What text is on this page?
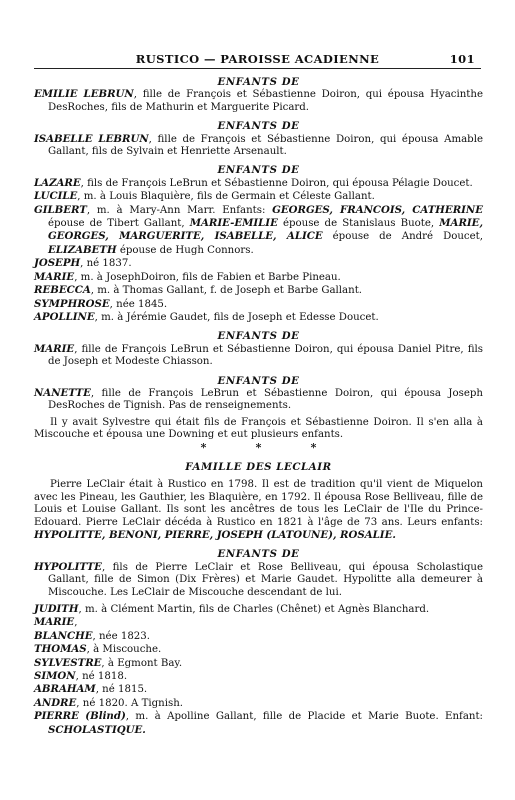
RUSTICO — PAROISSE ACADIENNE	101

ENFANTS DE

EMILIE LEBRUN, fille de François et Sébastienne Doiron, qui épousa Hyacinthe DesRoches, fils de Mathurin et Marguerite Picard.

ENFANTS DE

ISABELLE LEBRUN, fille de François et Sébastienne Doiron, qui épousa Amable Gallant, fils de Sylvain et Henriette Arsenault.

ENFANTS DE

LAZARE, fils de François LeBrun et Sébastienne Doiron, qui épousa Pélagie Doucet.

LUCILE, m. à Louis Blaquière, fils de Germain et Céleste Gallant.

GILBERT, m. à Mary-Ann Marr. Enfants: GEORGES, FRANCOIS, CATHERINE épouse de Tibert Gallant, MARIE-EMILIE épouse de Stanislaus Buote, MARIE, GEORGES, MARGUERITE, ISABELLE, ALICE épouse de André Doucet, ELIZABETH épouse de Hugh Connors.

JOSEPH, né 1837.

MARIE, m. à JosephDoiron, fils de Fabien et Barbe Pineau.

REBECCA, m. à Thomas Gallant, f. de Joseph et Barbe Gallant.

SYMPHROSE, née 1845.

APOLLINE, m. à Jérémie Gaudet, fils de Joseph et Edesse Doucet.

ENFANTS DE

MARIE, fille de François LeBrun et Sébastienne Doiron, qui épousa Daniel Pitre, fils de Joseph et Modeste Chiasson.

ENFANTS DE

NANETTE, fille de François LeBrun et Sébastienne Doiron, qui épousa Joseph DesRoches de Tignish. Pas de renseignements.

Il y avait Sylvestre qui était fils de François et Sébastienne Doiron. Il s'en alla à Miscouche et épousa une Downing et eut plusieurs enfants.

*	*	*

FAMILLE DES LECLAIR

Pierre LeClair était à Rustico en 1798. Il est de tradition qu'il vient de Miquelon avec les Pineau, les Gauthier, les Blaquière, en 1792. Il épousa Rose Belliveau, fille de Louis et Louise Gallant. Ils sont les ancêtres de tous les LeClair de l'Ile du Prince-Edouard. Pierre LeClair décéda à Rustico en 1821 à l'âge de 73 ans. Leurs enfants: HYPOLITTE, BENONI, PIERRE, JOSEPH (LATOUNE), ROSALIE.

ENFANTS DE

HYPOLITTE, fils de Pierre LeClair et Rose Belliveau, qui épousa Scholastique Gallant, fille de Simon (Dix Frères) et Marie Gaudet. Hypolitte alla demeurer à Miscouche. Les LeClair de Miscouche descendant de lui.

JUDITH, m. à Clément Martin, fils de Charles (Chênet) et Agnès Blanchard.

MARIE,

BLANCHE, née 1823.

THOMAS, à Miscouche.

SYLVESTRE, à Egmont Bay.

SIMON, né 1818.

ABRAHAM, né 1815.

ANDRE, né 1820. A Tignish.

PIERRE (Blind), m. à Apolline Gallant, fille de Placide et Marie Buote. Enfant: SCHOLASTIQUE.
